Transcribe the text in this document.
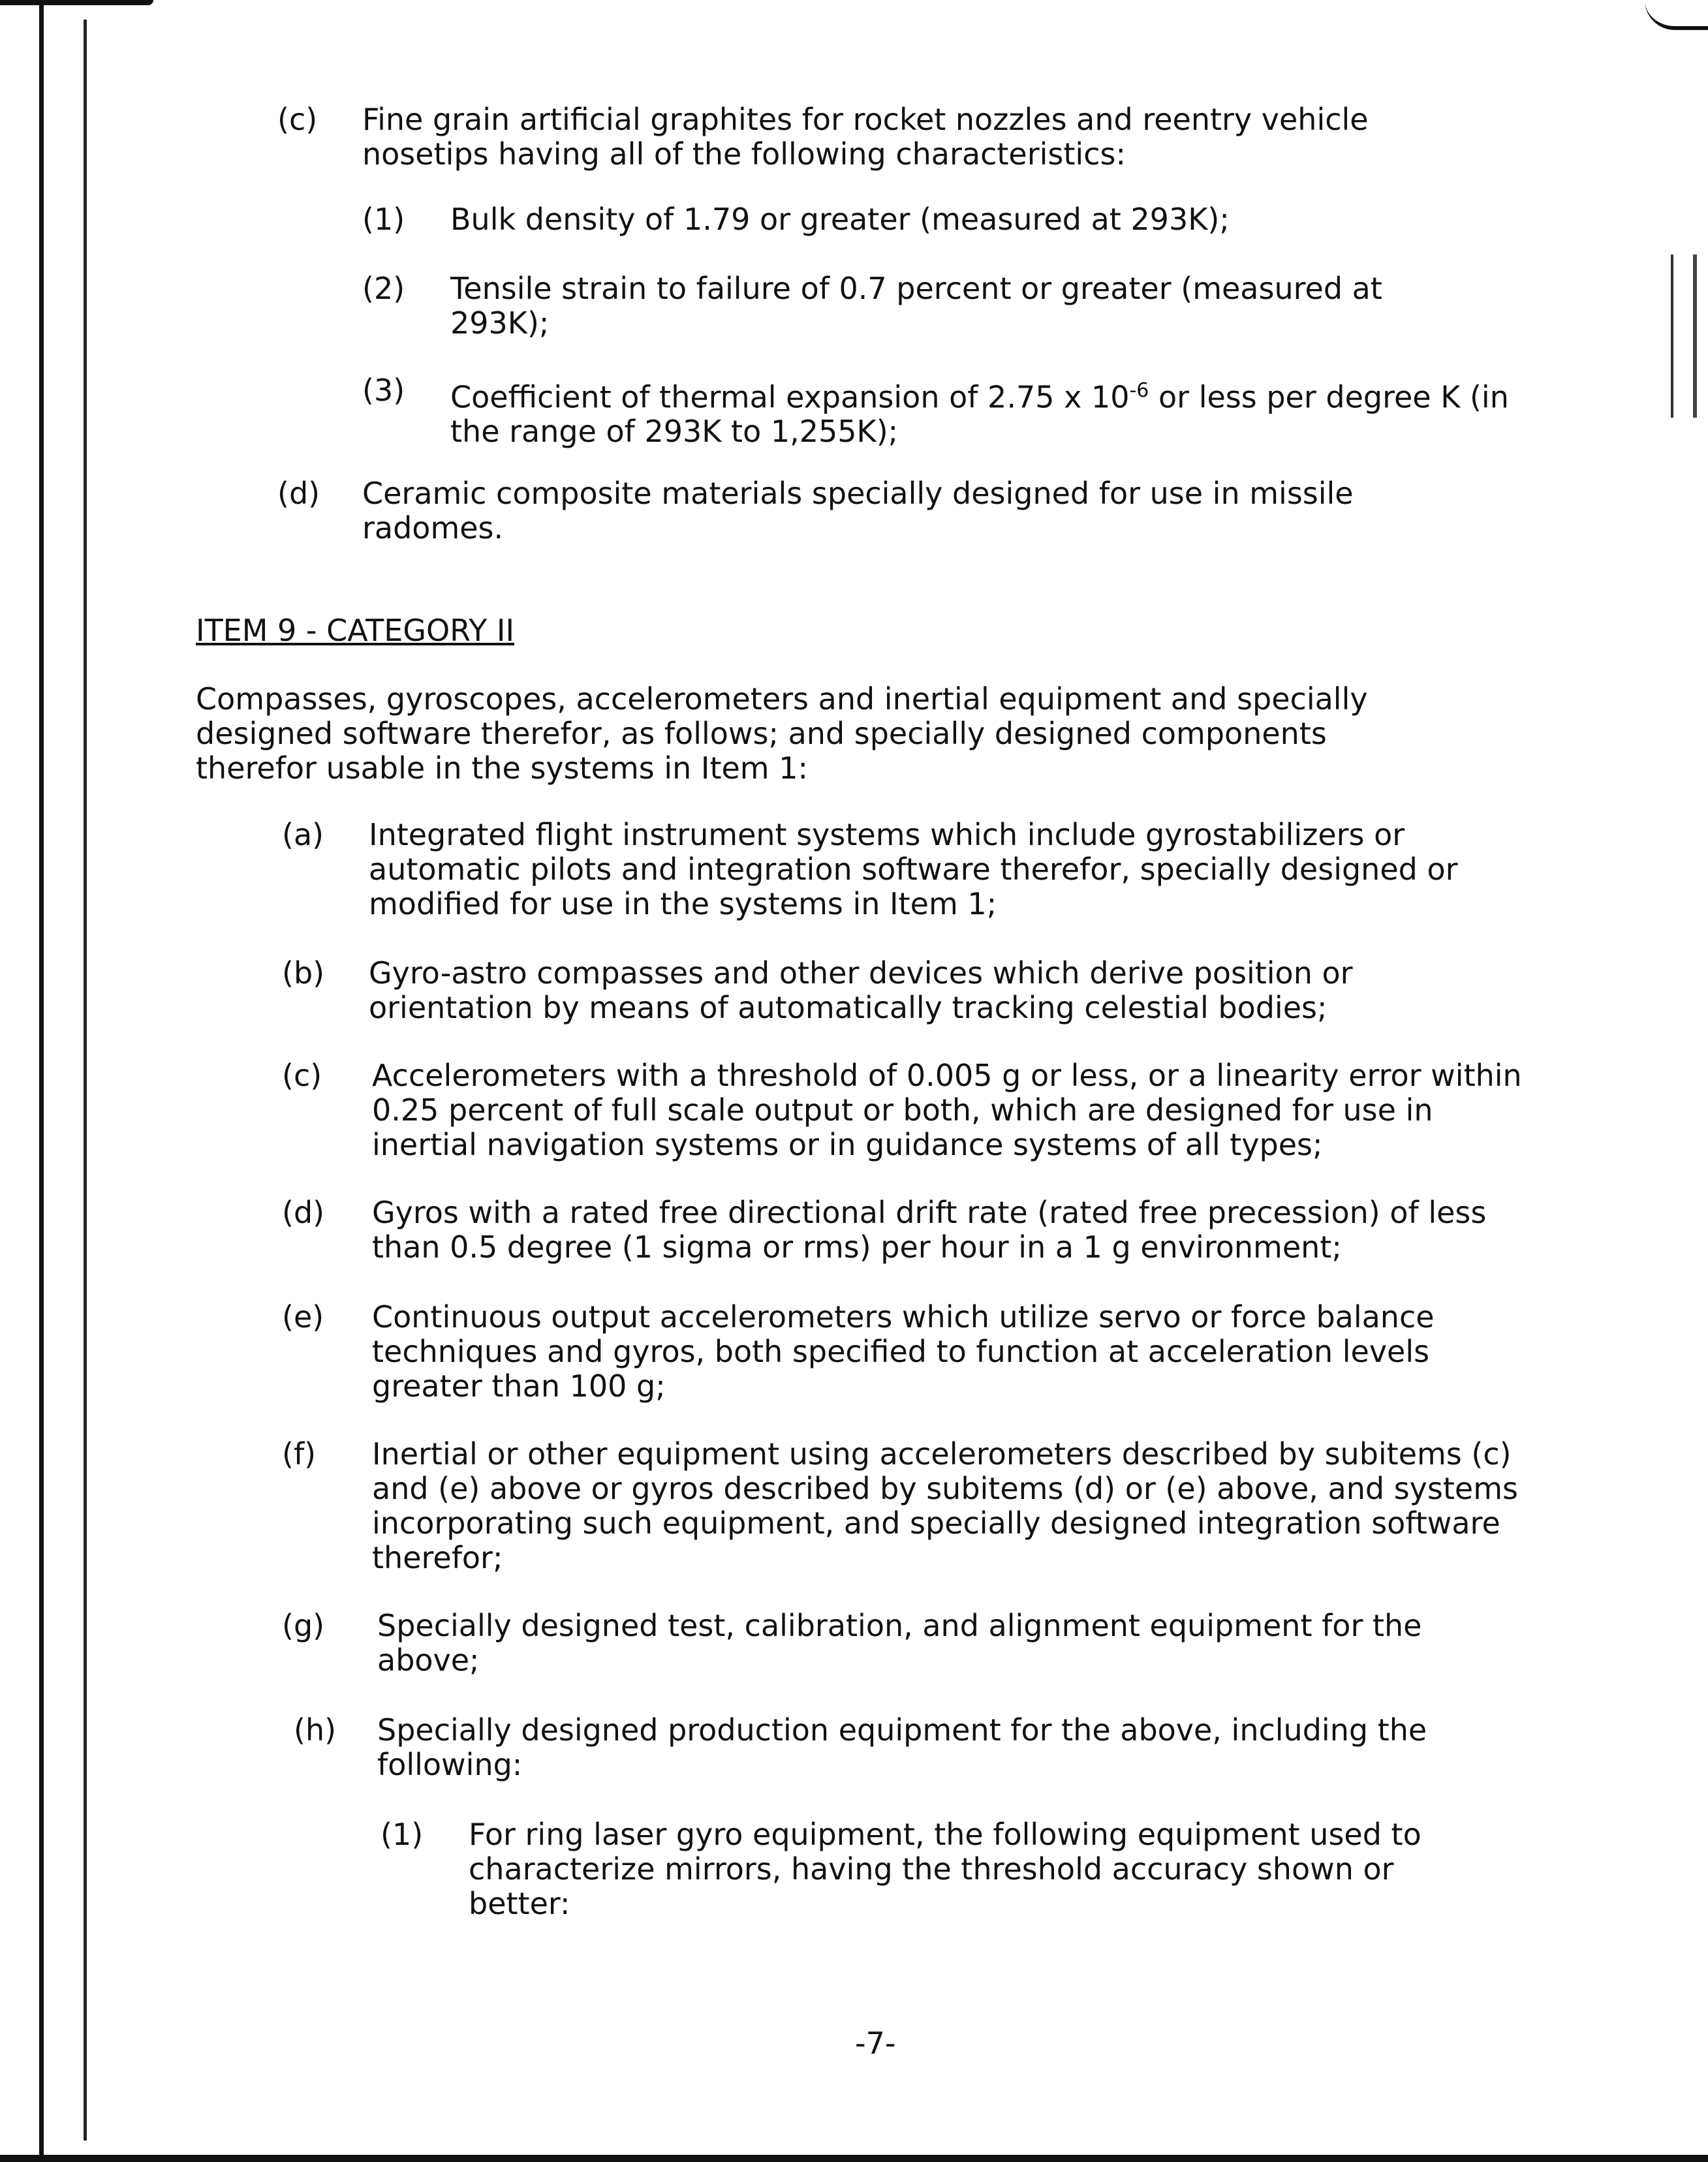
(c) Fine grain artificial graphites for rocket nozzles and reentry vehicle nosetips having all of the following characteristics:
(1) Bulk density of 1.79 or greater (measured at 293K);
(2) Tensile strain to failure of 0.7 percent or greater (measured at 293K);
(3) Coefficient of thermal expansion of 2.75 x $10^{-6}$ or less per degree K (in the range of 293K to 1,255K);
(d) Ceramic composite materials specially designed for use in missile radomes.
ITEM 9 - CATEGORY II
Compasses, gyroscopes, accelerometers and inertial equipment and specially designed software therefor, as follows; and specially designed components therefor usable in the systems in Item 1:
(a) Integrated flight instrument systems which include gyrostabilizers or automatic pilots and integration software therefor, specially designed or modified for use in the systems in Item 1;
(b) Gyro-astro compasses and other devices which derive position or orientation by means of automatically tracking celestial bodies;
(c) Accelerometers with a threshold of 0.005 g or less, or a linearity error within 0.25 percent of full scale output or both, which are designed for use in inertial navigation systems or in guidance systems of all types;
(d) Gyros with a rated free directional drift rate (rated free precession) of less than 0.5 degree (1 sigma or rms) per hour in a 1 g environment;
(e) Continuous output accelerometers which utilize servo or force balance techniques and gyros, both specified to function at acceleration levels greater than 100 g;
(f) Inertial or other equipment using accelerometers described by subitems (c) and (e) above or gyros described by subitems (d) or (e) above, and systems incorporating such equipment, and specially designed integration software therefor;
(g) Specially designed test, calibration, and alignment equipment for the above;
(h) Specially designed production equipment for the above, including the following:
(1) For ring laser gyro equipment, the following equipment used to characterize mirrors, having the threshold accuracy shown or better:
-7-
